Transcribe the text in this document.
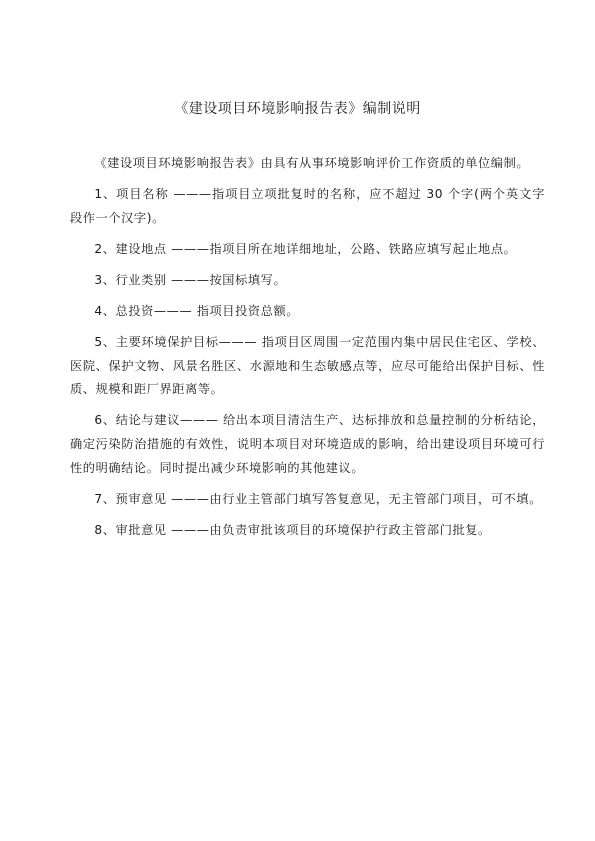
《建设项目环境影响报告表》编制说明

《建设项目环境影响报告表》由具有从事环境影响评价工作资质的单位编制。

1、项目名称 ———指项目立项批复时的名称，应不超过 30 个字(两个英文字段作一个汉字)。

2、建设地点 ———指项目所在地详细地址，公路、铁路应填写起止地点。

3、行业类别 ———按国标填写。

4、总投资——— 指项目投资总额。

5、主要环境保护目标——— 指项目区周围一定范围内集中居民住宅区、学校、医院、保护文物、风景名胜区、水源地和生态敏感点等，应尽可能给出保护目标、性质、规模和距厂界距离等。

6、结论与建议——— 给出本项目清洁生产、达标排放和总量控制的分析结论，确定污染防治措施的有效性，说明本项目对环境造成的影响，给出建设项目环境可行性的明确结论。同时提出减少环境影响的其他建议。

7、预审意见 ———由行业主管部门填写答复意见，无主管部门项目，可不填。

8、审批意见 ———由负责审批该项目的环境保护行政主管部门批复。
